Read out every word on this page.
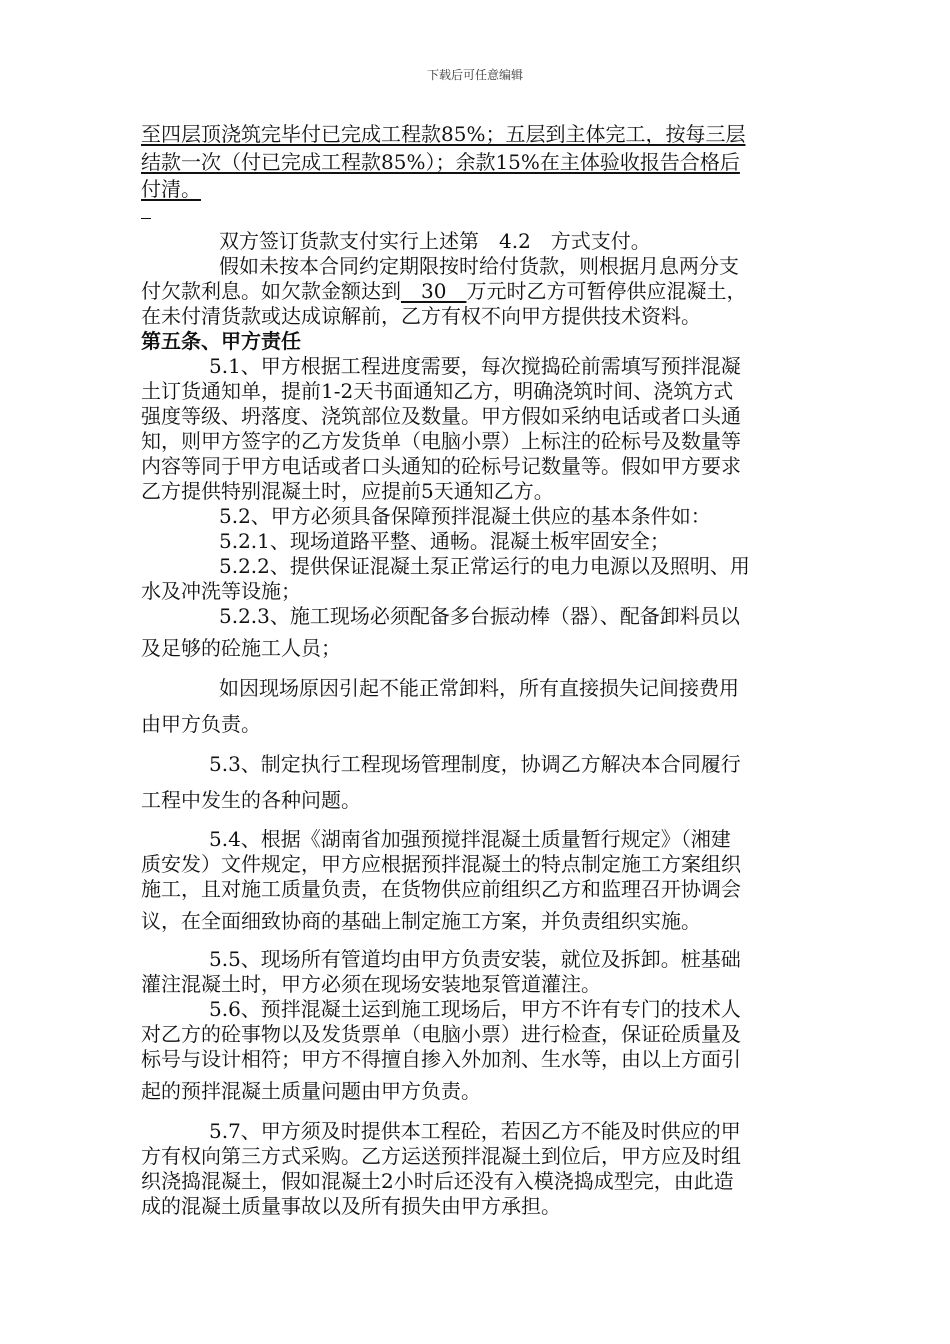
下载后可任意编辑
至四层顶浇筑完毕付已完成工程款85%；五层到主体完工，按每三层
结款一次（付已完成工程款85%）；余款15%在主体验收报告合格后
付清。
双方签订货款支付实行上述第　4.2　方式支付。
假如未按本合同约定期限按时给付货款，则根据月息两分支
付欠款利息。如欠款金额达到　30　万元时乙方可暂停供应混凝土，
在未付清货款或达成谅解前，乙方有权不向甲方提供技术资料。
第五条、甲方责任
5.1、甲方根据工程进度需要，每次搅捣砼前需填写预拌混凝
土订货通知单，提前1-2天书面通知乙方，明确浇筑时间、浇筑方式
强度等级、坍落度、浇筑部位及数量。甲方假如采纳电话或者口头通
知，则甲方签字的乙方发货单（电脑小票）上标注的砼标号及数量等
内容等同于甲方电话或者口头通知的砼标号记数量等。假如甲方要求
乙方提供特别混凝土时，应提前5天通知乙方。
5.2、甲方必须具备保障预拌混凝土供应的基本条件如：
5.2.1、现场道路平整、通畅。混凝土板牢固安全；
5.2.2、提供保证混凝土泵正常运行的电力电源以及照明、用
水及冲洗等设施；
5.2.3、施工现场必须配备多台振动棒（器）、配备卸料员以
及足够的砼施工人员；
如因现场原因引起不能正常卸料，所有直接损失记间接费用
由甲方负责。
5.3、制定执行工程现场管理制度，协调乙方解决本合同履行
工程中发生的各种问题。
5.4、根据《湖南省加强预搅拌混凝土质量暂行规定》（湘建
质安发）文件规定，甲方应根据预拌混凝土的特点制定施工方案组织
施工，且对施工质量负责，在货物供应前组织乙方和监理召开协调会
议，在全面细致协商的基础上制定施工方案，并负责组织实施。
5.5、现场所有管道均由甲方负责安装，就位及拆卸。桩基础
灌注混凝土时，甲方必须在现场安装地泵管道灌注。
5.6、预拌混凝土运到施工现场后，甲方不许有专门的技术人
对乙方的砼事物以及发货票单（电脑小票）进行检查，保证砼质量及
标号与设计相符；甲方不得擅自掺入外加剂、生水等，由以上方面引
起的预拌混凝土质量问题由甲方负责。
5.7、甲方须及时提供本工程砼，若因乙方不能及时供应的甲
方有权向第三方式采购。乙方运送预拌混凝土到位后，甲方应及时组
织浇捣混凝土，假如混凝土2小时后还没有入模浇捣成型完，由此造
成的混凝土质量事故以及所有损失由甲方承担。
